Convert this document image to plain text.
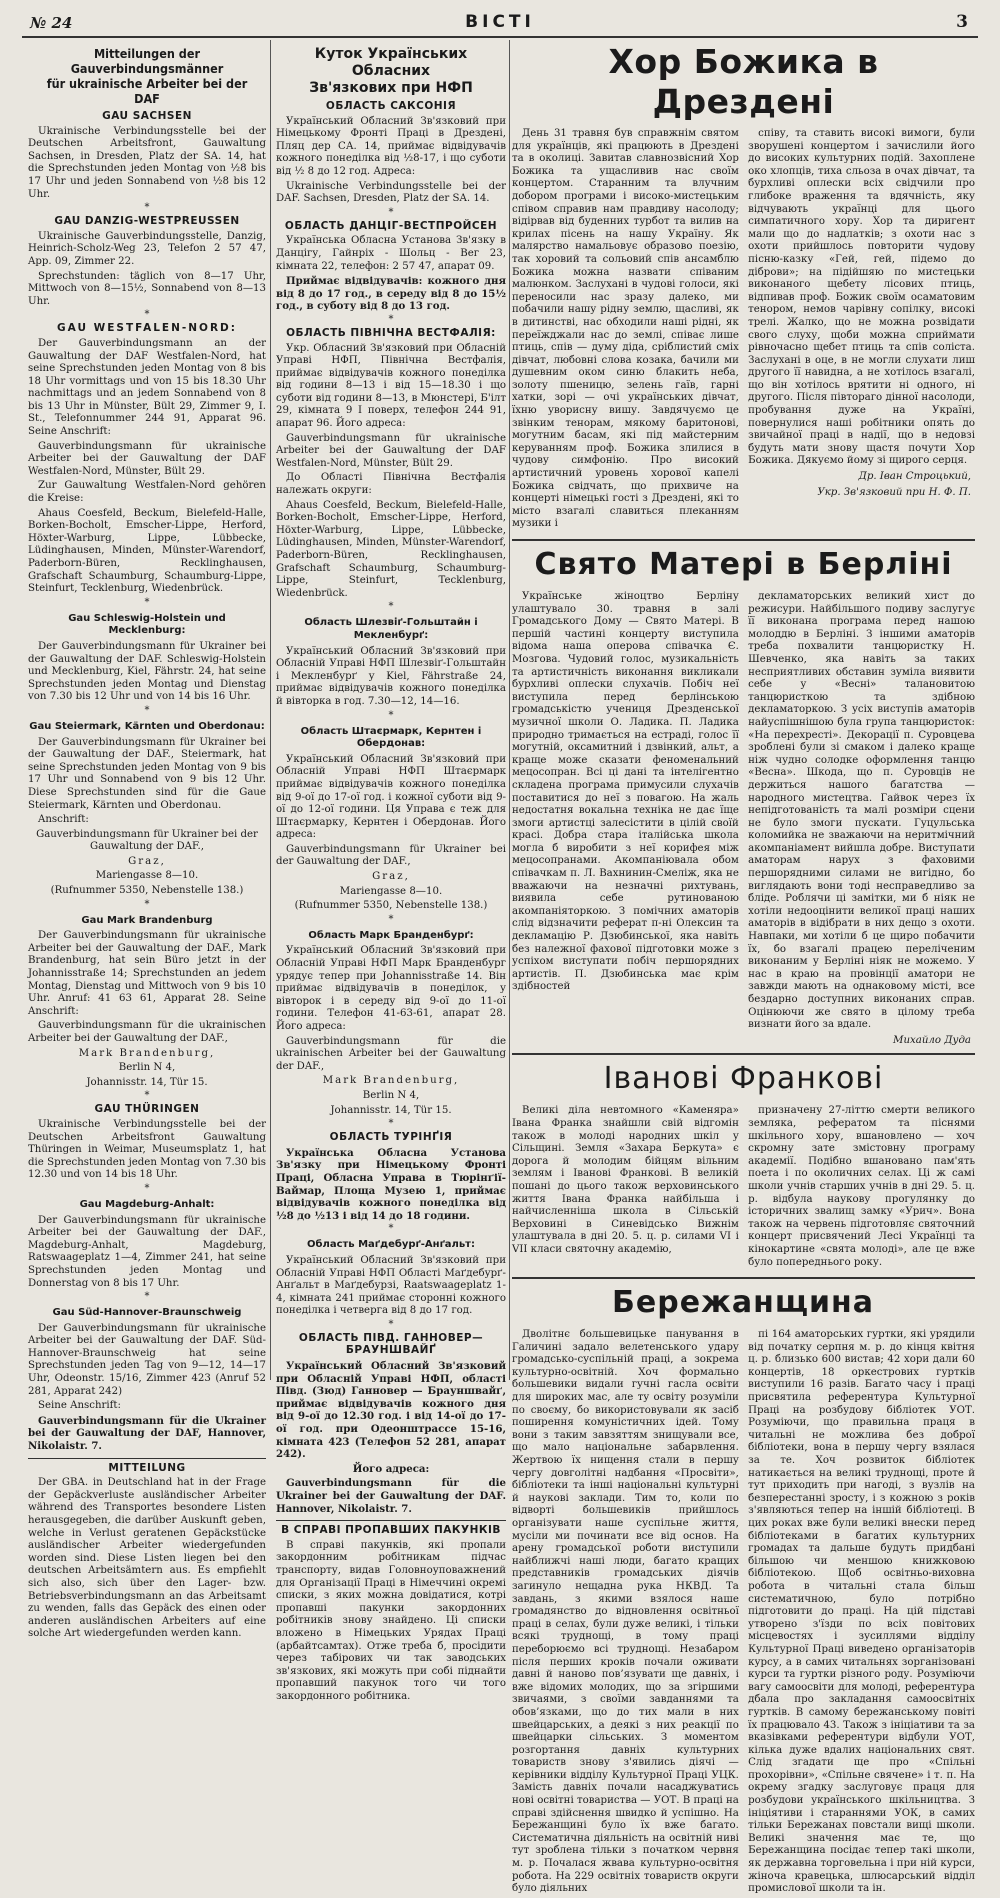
№ 24	ВІСТІ	3
Mitteilungen der Gauverbindungsmänner
für ukrainische Arbeiter bei der DAF
GAU SACHSEN

Ukrainische Verbindungsstelle bei der Deutschen Arbeitsfront, Gauwaltung Sachsen, in Dresden, Platz der SA. 14, hat die Sprechstunden jeden Montag von ½8 bis 17 Uhr und jeden Sonnabend von ½8 bis 12 Uhr.

*
GAU DANZIG-WESTPREUSSEN

Ukrainische Gauverbindungsstelle, Danzig, Heinrich-Scholz-Weg 23, Telefon 2 57 47, App. 09, Zimmer 22.

Sprechstunden: täglich von 8—17 Uhr, Mittwoch von 8—15½, Sonnabend von 8—13 Uhr.

*
GAU WESTFALEN-NORD:

Der Gauverbindungsmann an der Gauwaltung der DAF Westfalen-Nord, hat seine Sprechstunden jeden Montag von 8 bis 18 Uhr vormittags und von 15 bis 18.30 Uhr nachmittags und an jedem Sonnabend von 8 bis 13 Uhr in Münster, Bült 29, Zimmer 9, I. St., Telefonnummer 244 91, Apparat 96. Seine Anschrift:

Gauverbindungsmann für ukrainische Arbeiter bei der Gauwaltung der DAF Westfalen-Nord, Münster, Bült 29.

Zur Gauwaltung Westfalen-Nord gehören die Kreise:

Ahaus Coesfeld, Beckum, Bielefeld-Halle, Borken-Bocholt, Emscher-Lippe, Herford, Höxter-Warburg, Lippe, Lübbecke, Lüdinghausen, Minden, Münster-Warendorf, Paderborn-Büren, Recklinghausen, Grafschaft Schaumburg, Schaumburg-Lippe, Steinfurt, Tecklenburg, Wiedenbrück.

*
Gau Schleswig-Holstein und Mecklenburg:

Der Gauverbindungsmann für Ukrainer bei der Gauwaltung der DAF. Schleswig-Holstein und Mecklenburg, Kiel, Fährstr. 24, hat seine Sprechstunden jeden Montag und Dienstag von 7.30 bis 12 Uhr und von 14 bis 16 Uhr.

*
Gau Steiermark, Kärnten und Oberdonau:

Der Gauverbindungsmann für Ukrainer bei der Gauwaltung der DAF., Steiermark, hat seine Sprechstunden jeden Montag von 9 bis 17 Uhr und Sonnabend von 9 bis 12 Uhr. Diese Sprechstunden sind für die Gaue Steiermark, Kärnten und Oberdonau.

Anschrift:

Gauverbindungsmann für Ukrainer bei der Gauwaltung der DAF.,

Graz,

Mariengasse 8—10.

(Rufnummer 5350, Nebenstelle 138.)

*
Gau Mark Brandenburg

Der Gauverbindungsmann für ukrainische Arbeiter bei der Gauwaltung der DAF., Mark Brandenburg, hat sein Büro jetzt in der Johannisstraße 14; Sprechstunden an jedem Montag, Dienstag und Mittwoch von 9 bis 10 Uhr. Anruf: 41 63 61, Apparat 28. Seine Anschrift:

Gauverbindungsmann für die ukrainischen Arbeiter bei der Gauwaltung der DAF.,

Mark Brandenburg,

Berlin N 4,

Johannisstr. 14, Tür 15.

*
GAU THÜRINGEN

Ukrainische Verbindungsstelle bei der Deutschen Arbeitsfront Gauwaltung Thüringen in Weimar, Museumsplatz 1, hat die Sprechstunden jeden Montag von 7.30 bis 12.30 und von 14 bis 18 Uhr.

*
Gau Magdeburg-Anhalt:

Der Gauverbindungsmann für ukrainische Arbeiter bei der Gauwaltung der DAF., Magdeburg-Anhalt, Magdeburg, Ratswaageplatz 1—4, Zimmer 241, hat seine Sprechstunden jeden Montag und Donnerstag von 8 bis 17 Uhr.

*
Gau Süd-Hannover-Braunschweig

Der Gauverbindungsmann für ukrainische Arbeiter bei der Gauwaltung der DAF. Süd-Hannover-Braunschweig hat seine Sprechstunden jeden Tag von 9—12, 14—17 Uhr, Odeonstr. 15/16, Zimmer 423 (Anruf 52 281, Apparat 242)

Seine Anschrift:

Gauverbindungsmann für die Ukrainer bei der Gauwaltung der DAF, Hannover, Nikolaistr. 7.

MITTEILUNG

Der GBA. in Deutschland hat in der Frage der Gepäckverluste ausländischer Arbeiter während des Transportes besondere Listen herausgegeben, die darüber Auskunft geben, welche in Verlust geratenen Gepäckstücke ausländischer Arbeiter wiedergefunden worden sind. Diese Listen liegen bei den deutschen Arbeitsämtern aus. Es empfiehlt sich also, sich über den Lager- bzw. Betriebsverbindungsmann an das Arbeitsamt zu wenden, falls das Gepäck des einen oder anderen ausländischen Arbeiters auf eine solche Art wiedergefunden werden kann.

Куток Українських Обласних
Зв'язкових при НФП
ОБЛАСТЬ САКСОНІЯ

Український Обласний Зв'язковий при Німецькому Фронті Праці в Дрездені, Пляц дер СА. 14, приймає відвідувачів кожного понеділка від ½8-17, і що суботи від ½ 8 до 12 год. Адреса:

Ukrainische Verbindungsstelle bei der DAF. Sachsen, Dresden, Platz der SA. 14.

*
ОБЛАСТЬ ДАНЦІГ-ВЕСТПРОЙСЕН

Українська Обласна Установа Зв'язку в Данцігу, Гайнріх - Шольц - Вег 23, кімната 22, телефон: 2 57 47, апарат 09.

Приймає відвідувачів: кожного дня від 8 до 17 год., в середу від 8 до 15½ год., в суботу від 8 до 13 год.

*
ОБЛАСТЬ ПІВНІЧНА ВЕСТФАЛІЯ:

Укр. Обласний Зв'язковий при Обласній Управі НФП, Північна Вестфалія, приймає відвідувачів кожного понеділка від години 8—13 і від 15—18.30 і що суботи від години 8—13, в Мюнстері, Б'ілт 29, кімната 9 І поверх, телефон 244 91, апарат 96. Його адреса:

Gauverbindungsmann für ukrainische Arbeiter bei der Gauwaltung der DAF Westfalen-Nord, Münster, Bült 29.

До Області Північна Вестфалія належать округи:

Ahaus Coesfeld, Beckum, Bielefeld-Halle, Borken-Bocholt, Emscher-Lippe, Herford, Höxter-Warburg, Lippe, Lübbecke, Lüdinghausen, Minden, Münster-Warendorf, Paderborn-Büren, Recklinghausen, Grafschaft Schaumburg, Schaumburg-Lippe, Steinfurt, Tecklenburg, Wiedenbrück.

*
Область Шлезвіґ-Гольштайн і Мекленбурґ:

Український Обласний Зв'язковий при Обласній Управі НФП Шлезвіґ-Гольштайн і Мекленбурґ у Kiel, Fährstraße 24, приймає відвідувачів кожного понеділка й вівторка в год. 7.30—12, 14—16.

*
Область Штаєрмарк, Кернтен і Обердонав:

Український Обласний Зв'язковий при Обласній Управі НФП Штаєрмарк приймає відвідувачів кожного понеділка від 9-ої до 17-ої год. і кожної суботи від 9-ої до 12-ої години. Ця Управа є теж для Штаєрмарку, Кернтен і Обердонав. Його адреса:

Gauverbindungsmann für Ukrainer bei der Gauwaltung der DAF.,

Graz,

Mariengasse 8—10.

(Rufnummer 5350, Nebenstelle 138.)

*
Область Марк Бранденбурґ:

Український Обласний Зв'язковий при Обласній Управі НФП Марк Бранденбург урядує тепер при Johannisstraße 14. Він приймає відвідувачів в понеділок, у вівторок і в середу від 9-ої до 11-ої години. Телефон 41-63-61, апарат 28. Його адреса:

Gauverbindungsmann für die ukrainischen Arbeiter bei der Gauwaltung der DAF.,

Mark Brandenburg,

Berlin N 4,

Johannisstr. 14, Tür 15.

*
ОБЛАСТЬ ТУРІНҐІЯ

Українська Обласна Установа Зв'язку при Німецькому Фронті Праці, Обласна Управа в Тюрінґії-Ваймар, Площа Музею 1, приймає відвідувачів кожного понеділка від ½8 до ½13 і від 14 до 18 години.

*
Область Маґдебурґ-Анґальт:

Український Обласний Зв'язковий при Обласній Управі НФП Області Маґдебурґ-Анґальт в Маґдебурзі, Raatswaageplatz 1-4, кімната 241 приймає сторонні кожного понеділка і четверга від 8 до 17 год.

*
ОБЛАСТЬ ПІВД. ГАННОВЕР—БРАУНШВАЙҐ

Український Обласний Зв'язковий при Обласній Управі НФП, області Півд. (Зюд) Ганновер — Брауншвайґ, приймає відвідувачів кожного дня від 9-ої до 12.30 год. і від 14-ої до 17-ої год. при Одеонштрассе 15-16, кімната 423 (Телефон 52 281, апарат 242).

Його адреса:

Gauverbindungsmann für die Ukrainer bei der Gauwaltung der DAF. Hannover, Nikolaistr. 7.

В СПРАВІ ПРОПАВШИХ ПАКУНКІВ

В справі пакунків, які пропали закордонним робітникам підчас транспорту, видав Головноуповажнений для Організації Праці в Німеччині окремі списки, з яких можна довідатися, котрі пропавші пакунки закордонних робітників знову знайдено. Ці списки вложено в Німецьких Урядах Праці (арбайтсамтах). Отже треба б, просідити через табірових чи так заводських зв'язкових, які можуть при собі піднайти пропавший пакунок того чи того закордонного робітника.

Хор Божика в Дрездені

День 31 травня був справжнім святом для українців, які працюють в Дрездені та в околиці. Завитав славнозвісний Хор Божика та ущасливив нас своїм концертом. Старанним та влучним добором програми і високо-мистецьким співом справив нам правдиву насолоду; відірвав від буденних турбот та вилив на крилах пісень на нашу Україну. Як малярство намальовує образово поезію, так хоровий та сольовий спів ансамблю Божика можна назвати співаним малюнком. Заслухані в чудові голоси, які переносили нас зразу далеко, ми побачили нашу рідну землю, щасливі, як в дитинстві, нас обходили наші рідні, як переїжджали нас до землі, співає лише птиць, спів — думу діда, сріблистий сміх дівчат, любовні слова козака, бачили ми душевним оком синю блакить неба, золоту пшеницю, зелень гаїв, гарні хатки, зорі — очі українських дівчат, їхню уворисну вишу. Завдячуємо це звінким тенорам, мякому баритонові, могутним басам, які під майстерним керуванням проф. Божика злилися в чудову симфонію. Про високий артистичний уровень хорової капелі Божика свідчать, що прихвиче на концерті німецькі гості з Дрездені, які то місто взагалі славиться плеканням музики і

співу, та ставить високі вимоги, були зворушені концертом і зачислили його до високих культурних подій. Захоплене око хлопців, тиха сльоза в очах дівчат, та бурхливі оплески всіх свідчили про глибоке враження та вдячність, яку відчувають українці для цього симпатичного хору. Хор та диригент мали що до надлатків; з охоти нас з охоти прийшлось повторити чудову пісню-казку «Гей, гей, підемо до діброви»; на підійшяю по мистецьки виконаного щебету лісових птиць, відпивав проф. Божик своїм осаматовим тенором, немов чарівну сопілку, високі трелі. Жалко, що не можна розвідати свого слуху, щоби можна сприймати рівночасно щебет птиць та спів соліста. Заслухані в оце, в не могли слухати лиш другого її навидна, а не хотілось взагалі, що він хотілось врятити ні одного, ні другого. Після півтораго дінної насолоди, пробування дуже на Україні, повернулися наші робітники опять до звичайної праці в надії, що в недовзі будуть мати знову щастя почути Хор Божика. Дякуємо йому зі щирого серця.

Др. Іван Строцький,

Укр. Зв'язковий при Н. Ф. П.

Свято Матері в Берліні

Українське жіноцтво Берліну улаштувало 30. травня в залі Громадського Дому — Свято Матері. В першій частині концерту виступила відома наша оперова співачка Є. Мозгова. Чудовий голос, музикальність та артистичність виконання викликали бурхливі оплески слухачів. Побіч неї виступила перед берлінською громадськістю учениця Дрезденської музичної школи О. Ладика. П. Ладика природно тримається на естраді, голос її могутній, оксамитний і дзвінкий, альт, а краще може сказати феноменальний мецосопран. Всі ці дані та інтелігентно складена програма примусили слухачів поставитися до неї з повагою. На жаль недостатня вокальна техніка не дає їще змоги артистці залесістити в цілій своїй красі. Добра стара італійська школа могла б виробити з неї корифея між мецосопранами. Акомпаніювала обом співачкам п. Л. Вахнинин-Смеліж, яка не вважаючи на незначні рихтувань, виявила себе рутинованою акомпаніяторкою. З помічних аматорів слід відзначити реферат п-ні Олексин та декламацію Р. Дзюбинської, яка навіть без належної фахової підготовки може з успіхом виступати побіч першорядних артистів. П. Дзюбинська має крім здібностей

декламаторських великий хист до режисури. Найбільшого подиву заслугує її виконана програма перед нашою молоддю в Берліні. З іншими аматорів треба похвалити танцюристку Н. Шевченко, яка навіть за таких несприятливих обставин зуміла виявити себе у «Весні» талановитою танцюристкою та здібною декламаторкою. З усіх виступів аматорів найуспішнішою була група танцюристок: «На перехресті». Декорації п. Суровцева зроблені були зі смаком і далеко краще ніж чудно солодке оформлення танцю «Весна». Шкода, що п. Суровців не держиться нашого багатства — народного мистецтва. Гайвок через їх непідготованість та малі розміри сцени не було змоги пускати. Гуцульська коломийка не зважаючи на неритмічний акомпаніамент вийшла добре. Виступати аматорам нарух з фаховими першорядними силами не вигідно, бо виглядають вони тоді несправедливо за бліде. Роблячи ці замітки, ми б ніяк не хотіли недооцінити великої праці наших аматорів в відібрати в них дещо з охоти. Навпаки, ми хотіли б це щиро побачити їх, бо взагалі працею переліченим виконаним у Берліні ніяк не можемо. У нас в краю на провінції аматори не завжди мають на однаковому місті, все бездарно доступних виконаних справ. Оцінюючи же свято в цілому треба визнати його за вдале.

Михайло Дуда

Івановi Франковi

Великі діла невтомного «Каменяра» Івана Франка знайшли свій відгомін також в молоді народних шкіл у Сільщині. Земля «Захара Беркута» є дорога й молодим бійцям вільним землям і Іванові Франкові. В великій пошані до цього також верховинського життя Івана Франка найбільша і найчисленніша школа в Сільській Верховині в Синевідсько Вижнім улаштувала в дні 20. 5. ц. р. силами VI і VII класи святочну академію,

призначену 27-літтю смерти великого земляка, рефератом та піснями шкільного хору, вшановлено — хоч скромну зате змістовну програму академії. Подібно вшановано пам'ять поета і по околичних селах. Ці ж самі школи учнів старших учнів в дні 29. 5. ц. р. відбула наукову прогулянку до історичних звалищ замку «Урич». Вона також на червень підготовляє святочний концерт присвячений Лесі Українці та кінокартине «свята молоді», але це вже було попереднього року.

Бережанщина

Дволітнє большевицьке панування в Галичині задало велетенського удару громадсько-суспільній праці, а зокрема культурно-освітній. Хоч формально большевики видали гучні гасла освіти для широких мас, але ту освіту розуміли по своєму, бо використовували як засіб поширення комуністичних ідей. Тому вони з таким завзяттям знищували все, що мало національне забарвлення. Жертвою їх нищення стали в першу чергу довголітні надбання «Просвіти», бібліотеки та інші національні культурні й наукові заклади. Тим то, коли по відворті большевиків прийшлось організувати наше суспільне життя, мусіли ми починати все від основ. На арену громадської роботи виступили найближчі наші люди, багато кращих представників громадських діячів загинуло нещадна рука НКВД. Та завдань, з якими взялося наше громадянство до відновлення освітньої праці в селах, були дуже великі, і тільки всякі труднощі, в тому праці переборюємо всі труднощі. Незабаром після перших кроків почали оживати давні й наново пов’язувати ще давніх, і вже відомих молодих, що за згіршими звичаями, з своїми завданнями та обов’язками, що до тих мали в них швейцарських, а деякі з них реакції по швейцарки сільських. З моментом розгортання давніх культурних товариств знову з'явились діячі — керівники відділу Культурної Праці УЦК. Замість давніх почали насаджуватись нові освітні товариства — УОТ. В праці на справі здійснення швидко й успішно. На Бережанщині було їх вже багато. Систематична діяльність на освітній ниві тут зроблена тільки з початком червня м. р. Почалася жвава культурно-освітня робота. На 229 освітніх товариств округи було діяльних

пі 164 аматорських гуртки, які урядили від початку серпня м. р. до кінця квітня ц. р. близько 600 вистав; 42 хори дали 60 концертів, 18 оркестрових гуртків виступили 16 разів. Багато часу і праці присвятила референтура Культурної Праці на розбудову бібліотек УОТ. Розуміючи, що правильна праця в читальні не можлива без доброї бібліотеки, вона в першу чергу взялася за те. Хоч розвиток бібліотек натикається на великі труднощі, проте й тут приходить при нагоді, з вузлів на безперестанні зросту, і з кожною з років з'являються тепер на іншій бібліотеці. В цих роках вже були великі внески перед бібліотеками в багатих культурних громадах та дальше будуть придбані більшою чи меншою книжковою бібліотекою. Щоб освітньо-виховна робота в читальні стала більш систематичною, було потрібно підготовити до праці. На цій підставі утворено з'їзди по всіх повітових місцевостях і зусиллями відділу Культурної Праці виведено організаторів курсу, а в самих читальнях зорганізовані курси та гуртки різного роду. Розуміючи вагу самоосвіти для молоді, референтура дбала про закладання самоосвітніх гуртків. В самому бережанському повіті їх працювало 43. Також з ініціативи та за вказівками референтури відбули УОТ, кілька дуже вдалих національних свят. Слід згадати ще про «Спільні прохорівни», «Спільне свячене» і т. п. На окрему згадку заслуговує праця для розбудови українського шкільництва. З ініціятиви і стараннями УОК, в самих тільки Бережанах повстали вищі школи. Великі значення має те, що Бережанщина посідає тепер такі школи, як державна торговельна і при ній курси, жіноча кравецька, шлюсарський відділ промислової школи та ін.
